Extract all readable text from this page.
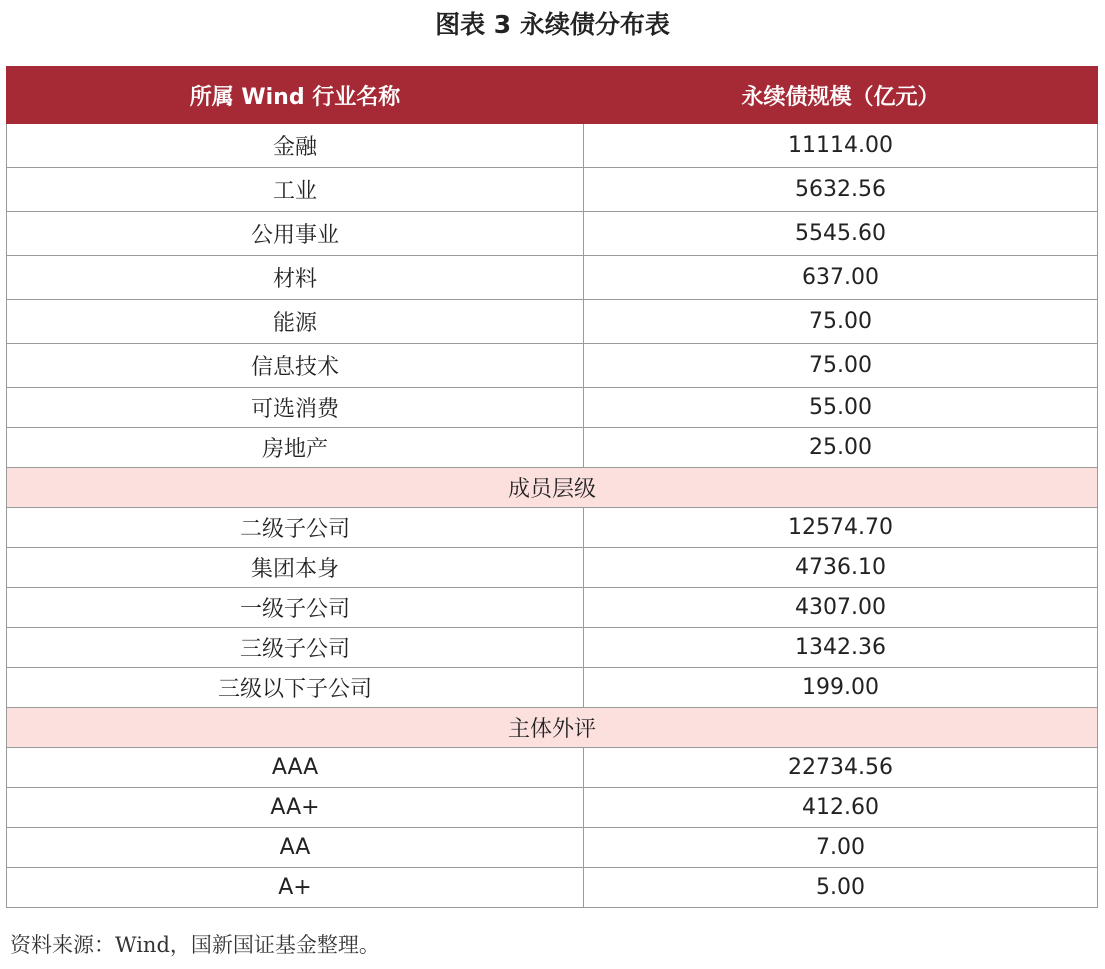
图表 3 永续债分布表
所属 Wind 行业名称	永续债规模（亿元）
金融	11114.00
工业	5632.56
公用事业	5545.60
材料	637.00
能源	75.00
信息技术	75.00
可选消费	55.00
房地产	25.00
成员层级	
二级子公司	12574.70
集团本身	4736.10
一级子公司	4307.00
三级子公司	1342.36
三级以下子公司	199.00
主体外评	
AAA	22734.56
AA+	412.60
AA	7.00
A+	5.00
资料来源：Wind，国新国证基金整理。
